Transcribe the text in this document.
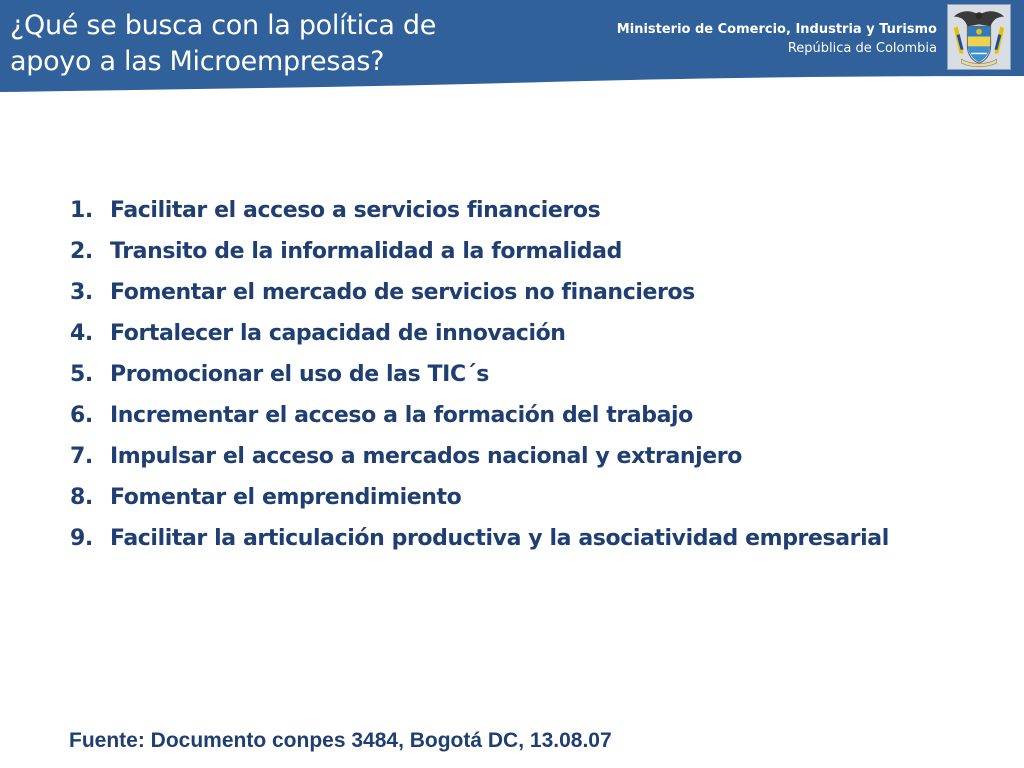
¿Qué se busca con la política de
apoyo a las Microempresas?
Ministerio de Comercio, Industria y Turismo
República de Colombia
1. Facilitar el acceso a servicios financieros
2. Transito de la informalidad a la formalidad
3. Fomentar el mercado de servicios no financieros
4. Fortalecer la capacidad de innovación
5. Promocionar el uso de las TIC´s
6. Incrementar el acceso a la formación del trabajo
7. Impulsar el acceso a mercados nacional y extranjero
8. Fomentar el emprendimiento
9. Facilitar la articulación productiva y la asociatividad empresarial
Fuente: Documento conpes 3484, Bogotá DC, 13.08.07
